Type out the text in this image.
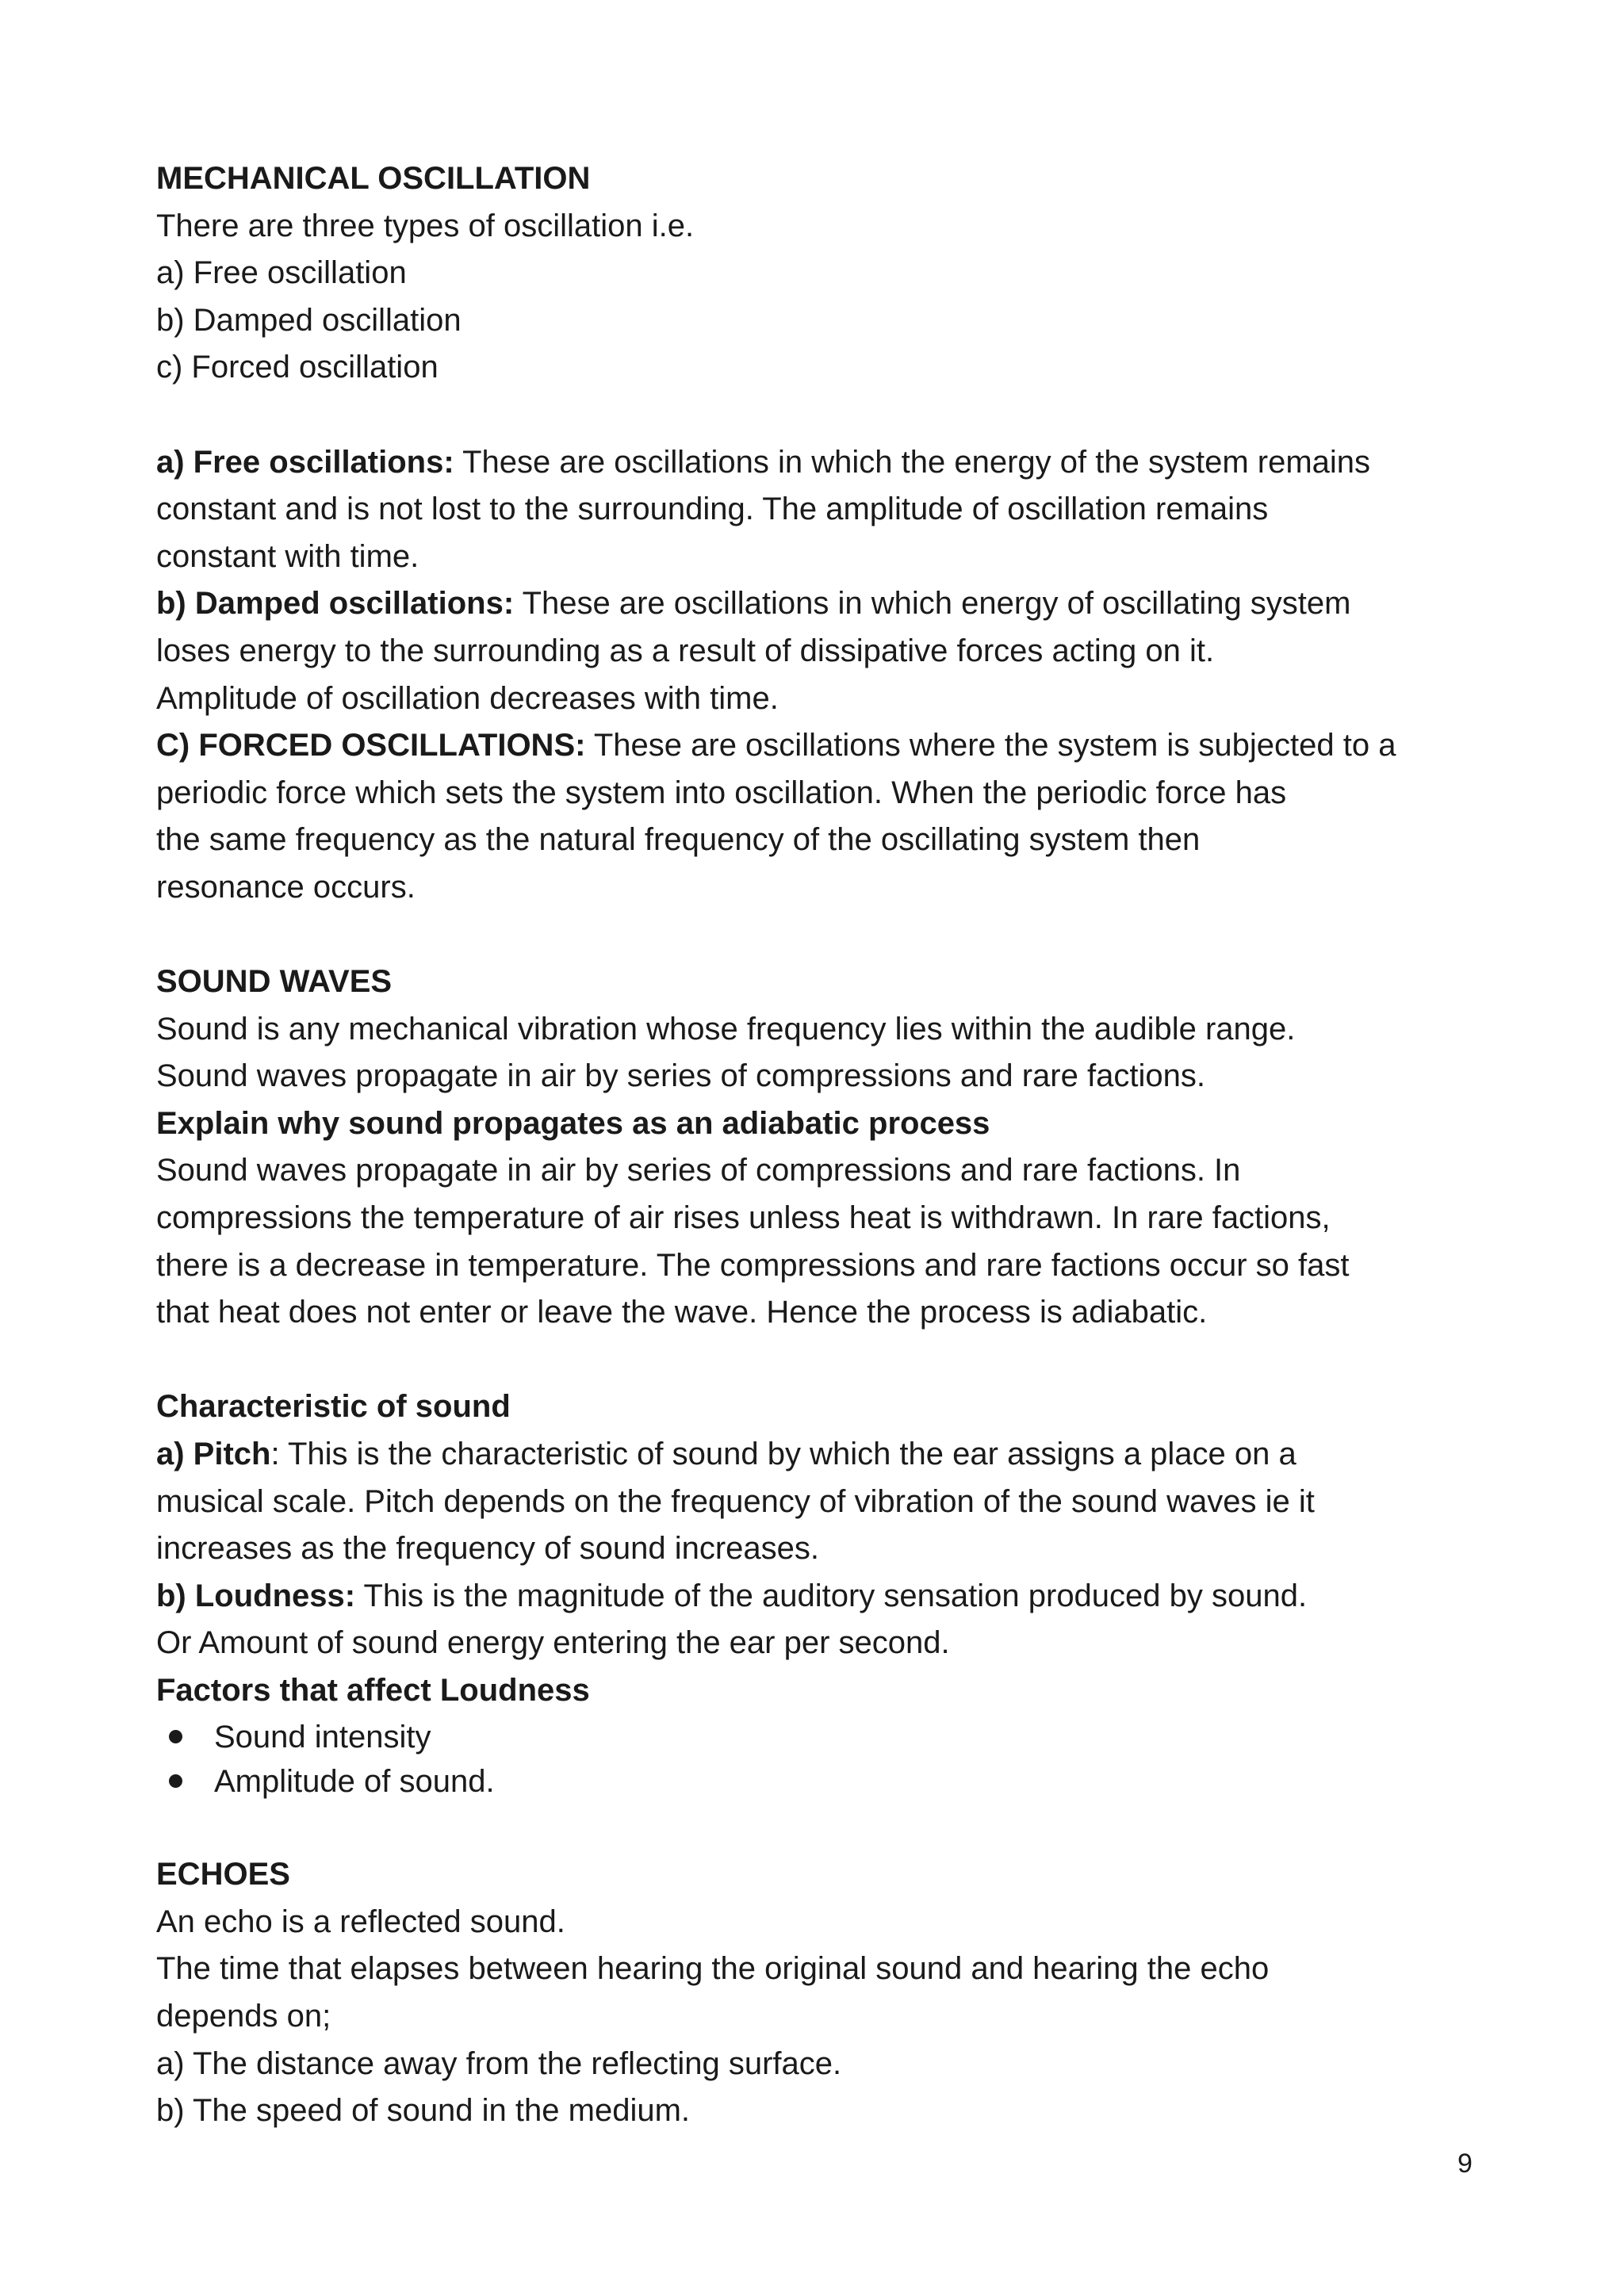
MECHANICAL OSCILLATION
There are three types of oscillation i.e.
a) Free oscillation
b) Damped oscillation
c) Forced oscillation
a) Free oscillations: These are oscillations in which the energy of the system remains
constant and is not lost to the surrounding. The amplitude of oscillation remains
constant with time.
b) Damped oscillations: These are oscillations in which energy of oscillating system
loses energy to the surrounding as a result of dissipative forces acting on it.
Amplitude of oscillation decreases with time.
C) FORCED OSCILLATIONS: These are oscillations where the system is subjected to a
periodic force which sets the system into oscillation. When the periodic force has
the same frequency as the natural frequency of the oscillating system then
resonance occurs.
SOUND WAVES
Sound is any mechanical vibration whose frequency lies within the audible range.
Sound waves propagate in air by series of compressions and rare factions.
Explain why sound propagates as an adiabatic process
Sound waves propagate in air by series of compressions and rare factions. In
compressions the temperature of air rises unless heat is withdrawn. In rare factions,
there is a decrease in temperature. The compressions and rare factions occur so fast
that heat does not enter or leave the wave. Hence the process is adiabatic.
Characteristic of sound
a) Pitch: This is the characteristic of sound by which the ear assigns a place on a
musical scale. Pitch depends on the frequency of vibration of the sound waves ie it
increases as the frequency of sound increases.
b) Loudness: This is the magnitude of the auditory sensation produced by sound.
Or Amount of sound energy entering the ear per second.
Factors that affect Loudness
Sound intensity
Amplitude of sound.
ECHOES
An echo is a reflected sound.
The time that elapses between hearing the original sound and hearing the echo
depends on;
a) The distance away from the reflecting surface.
b) The speed of sound in the medium.
9
